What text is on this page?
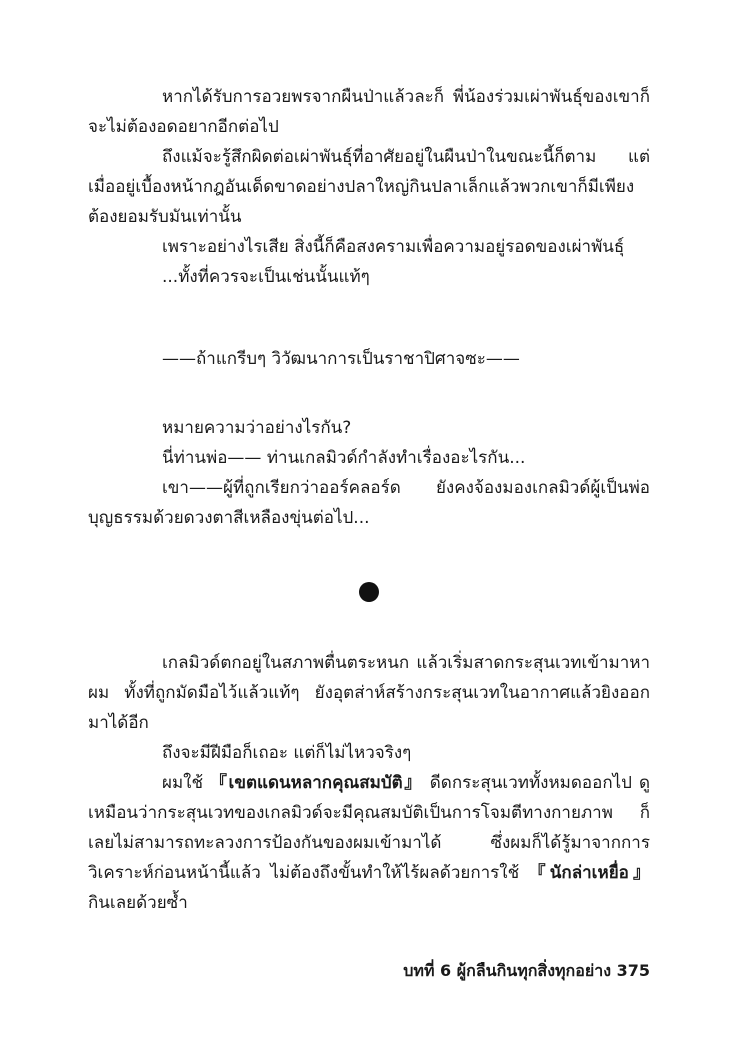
หากได้รับการอวยพรจากผืนป่าแล้วละก็ พี่น้องร่วมเผ่าพันธุ์ของเขาก็จะไม่ต้องอดอยากอีกต่อไป

ถึงแม้จะรู้สึกผิดต่อเผ่าพันธุ์ที่อาศัยอยู่ในผืนป่าในขณะนี้ก็ตาม แต่เมื่ออยู่เบื้องหน้ากฎอันเด็ดขาดอย่างปลาใหญ่กินปลาเล็กแล้วพวกเขาก็มีเพียงต้องยอมรับมันเท่านั้น

เพราะอย่างไรเสีย สิ่งนี้ก็คือสงครามเพื่อความอยู่รอดของเผ่าพันธุ์

...ทั้งที่ควรจะเป็นเช่นนั้นแท้ๆ

——ถ้าแกรีบๆ วิวัฒนาการเป็นราชาปิศาจซะ——

หมายความว่าอย่างไรกัน?

นี่ท่านพ่อ—— ท่านเกลมิวด์กำลังทำเรื่องอะไรกัน...

เขา——ผู้ที่ถูกเรียกว่าออร์คลอร์ด ยังคงจ้องมองเกลมิวด์ผู้เป็นพ่อบุญธรรมด้วยดวงตาสีเหลืองขุ่นต่อไป...

เกลมิวด์ตกอยู่ในสภาพตื่นตระหนก แล้วเริ่มสาดกระสุนเวทเข้ามาหาผม ทั้งที่ถูกมัดมือไว้แล้วแท้ๆ ยังอุตส่าห์สร้างกระสุนเวทในอากาศแล้วยิงออกมาได้อีก

ถึงจะมีฝีมือก็เถอะ แต่ก็ไม่ไหวจริงๆ

ผมใช้ 『เขตแดนหลากคุณสมบัติ』 ดีดกระสุนเวททั้งหมดออกไป ดูเหมือนว่ากระสุนเวทของเกลมิวด์จะมีคุณสมบัติเป็นการโจมตีทางกายภาพ ก็เลยไม่สามารถทะลวงการป้องกันของผมเข้ามาได้ ซึ่งผมก็ได้รู้มาจากการวิเคราะห์ก่อนหน้านี้แล้ว ไม่ต้องถึงขั้นทำให้ไร้ผลด้วยการใช้ 『นักล่าเหยื่อ』 กินเลยด้วยซ้ำ

บทที่ 6 ผู้กลืนกินทุกสิ่งทุกอย่าง 375
